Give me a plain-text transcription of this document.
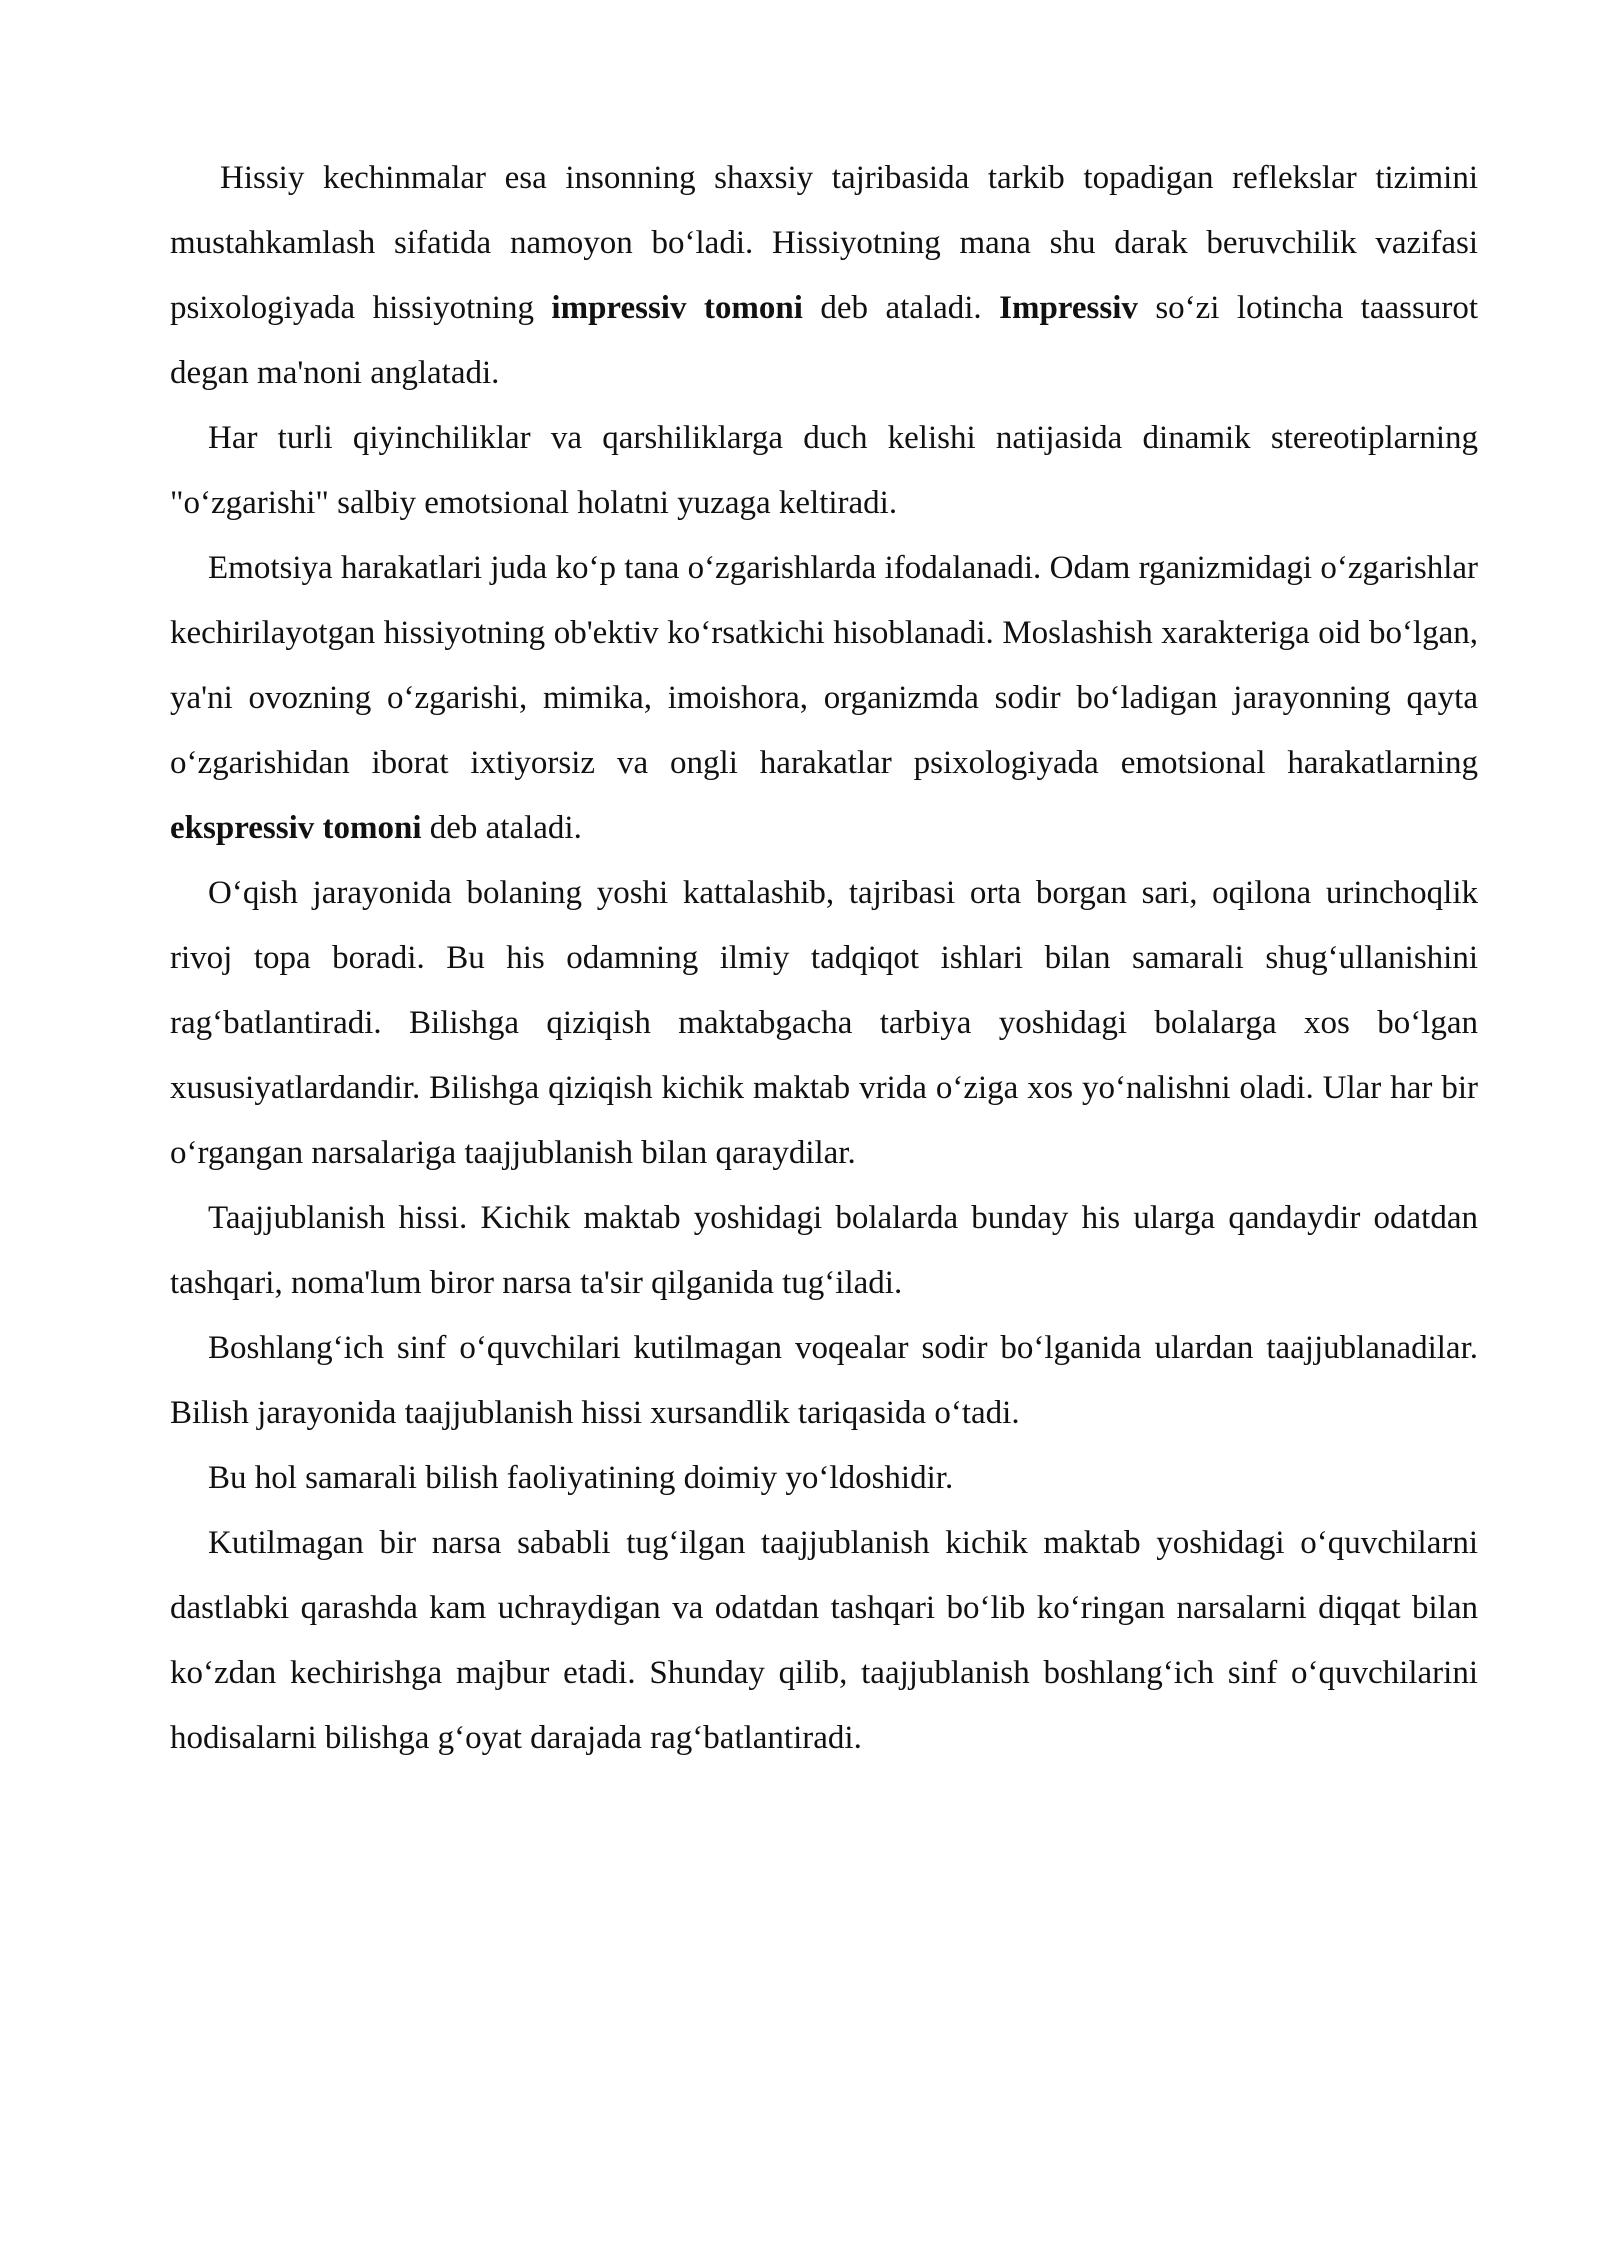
Hissiy kechinmalar esa insonning shaxsiy tajribasida tarkib topadigan reflekslar tizimini mustahkamlash sifatida namoyon bo‘ladi. Hissiyotning mana shu darak beruvchilik vazifasi psixologiyada hissiyotning impressiv tomoni deb ataladi. Impressiv so‘zi lotincha taassurot degan ma'noni anglatadi.

Har turli qiyinchiliklar va qarshiliklarga duch kelishi natijasida dinamik stereotiplarning "o‘zgarishi" salbiy emotsional holatni yuzaga keltiradi.

Emotsiya harakatlari juda ko‘p tana o‘zgarishlarda ifodalanadi. Odam rganizmidagi o‘zgarishlar kechirilayotgan hissiyotning ob'ektiv ko‘rsatkichi hisoblanadi. Moslashish xarakteriga oid bo‘lgan, ya'ni ovozning o‘zgarishi, mimika, imoishora, organizmda sodir bo‘ladigan jarayonning qayta o‘zgarishidan iborat ixtiyorsiz va ongli harakatlar psixologiyada emotsional harakatlarning ekspressiv tomoni deb ataladi.

O‘qish jarayonida bolaning yoshi kattalashib, tajribasi orta borgan sari, oqilona urinchoqlik rivoj topa boradi. Bu his odamning ilmiy tadqiqot ishlari bilan samarali shug‘ullanishini rag‘batlantiradi. Bilishga qiziqish maktabgacha tarbiya yoshidagi bolalarga xos bo‘lgan xususiyatlardandir. Bilishga qiziqish kichik maktab vrida o‘ziga xos yo‘nalishni oladi. Ular har bir o‘rgangan narsalariga taajjublanish bilan qaraydilar.

Taajjublanish hissi. Kichik maktab yoshidagi bolalarda bunday his ularga qandaydir odatdan tashqari, noma'lum biror narsa ta'sir qilganida tug‘iladi.

Boshlang‘ich sinf o‘quvchilari kutilmagan voqealar sodir bo‘lganida ulardan taajjublanadilar. Bilish jarayonida taajjublanish hissi xursandlik tariqasida o‘tadi.

Bu hol samarali bilish faoliyatining doimiy yo‘ldoshidir.

Kutilmagan bir narsa sababli tug‘ilgan taajjublanish kichik maktab yoshidagi o‘quvchilarni dastlabki qarashda kam uchraydigan va odatdan tashqari bo‘lib ko‘ringan narsalarni diqqat bilan ko‘zdan kechirishga majbur etadi. Shunday qilib, taajjublanish boshlang‘ich sinf o‘quvchilarini hodisalarni bilishga g‘oyat darajada rag‘batlantiradi.
